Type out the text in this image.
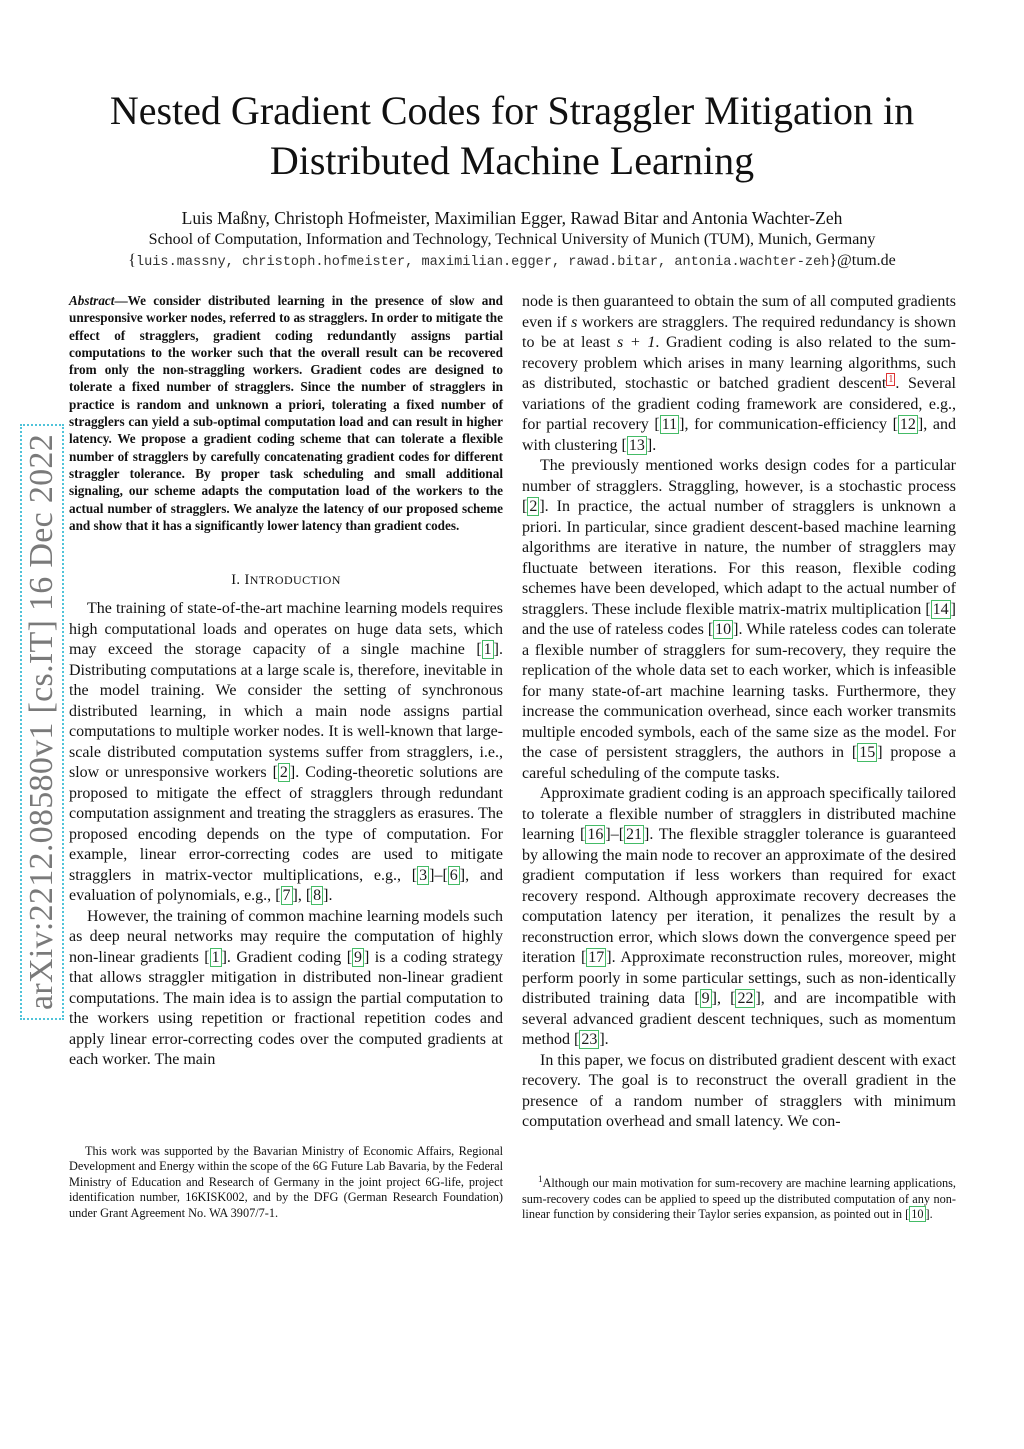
arXiv:2212.08580v1 [cs.IT] 16 Dec 2022
Nested Gradient Codes for Straggler Mitigation in Distributed Machine Learning
Luis Maßny, Christoph Hofmeister, Maximilian Egger, Rawad Bitar and Antonia Wachter-Zeh
School of Computation, Information and Technology, Technical University of Munich (TUM), Munich, Germany
{luis.massny, christoph.hofmeister, maximilian.egger, rawad.bitar, antonia.wachter-zeh}@tum.de

Abstract—We consider distributed learning in the presence of slow and unresponsive worker nodes, referred to as stragglers. In order to mitigate the effect of stragglers, gradient coding redundantly assigns partial computations to the worker such that the overall result can be recovered from only the non-straggling workers. Gradient codes are designed to tolerate a fixed number of stragglers. Since the number of stragglers in practice is random and unknown a priori, tolerating a fixed number of stragglers can yield a sub-optimal computation load and can result in higher latency. We propose a gradient coding scheme that can tolerate a flexible number of stragglers by carefully concatenating gradient codes for different straggler tolerance. By proper task scheduling and small additional signaling, our scheme adapts the computation load of the workers to the actual number of stragglers. We analyze the latency of our proposed scheme and show that it has a significantly lower latency than gradient codes.

I. INTRODUCTION

The training of state-of-the-art machine learning models requires high computational loads and operates on huge data sets, which may exceed the storage capacity of a single machine [ 1 ]. Distributing computations at a large scale is, therefore, inevitable in the model training. We consider the setting of synchronous distributed learning, in which a main node assigns partial computations to multiple worker nodes. It is well-known that large-scale distributed computation systems suffer from stragglers, i.e., slow or unresponsive workers [ 2 ]. Coding-theoretic solutions are proposed to mitigate the effect of stragglers through redundant computation assignment and treating the stragglers as erasures. The proposed encoding depends on the type of computation. For example, linear error-correcting codes are used to mitigate stragglers in matrix-vector multiplications, e.g., [ 3 ]–[ 6 ], and evaluation of polynomials, e.g., [ 7 ], [ 8 ].

However, the training of common machine learning models such as deep neural networks may require the computation of highly non-linear gradients [ 1 ]. Gradient coding [ 9 ] is a coding strategy that allows straggler mitigation in distributed non-linear gradient computations. The main idea is to assign the partial computation to the workers using repetition or fractional repetition codes and apply linear error-correcting codes over the computed gradients at each worker. The main

This work was supported by the Bavarian Ministry of Economic Affairs, Regional Development and Energy within the scope of the 6G Future Lab Bavaria, by the Federal Ministry of Education and Research of Germany in the joint project 6G-life, project identification number, 16KISK002, and by the DFG (German Research Foundation) under Grant Agreement No. WA 3907/7-1.

node is then guaranteed to obtain the sum of all computed gradients even if s workers are stragglers. The required redundancy is shown to be at least s + 1. Gradient coding is also related to the sum-recovery problem which arises in many learning algorithms, such as distributed, stochastic or batched gradient descent $^1$ . Several variations of the gradient coding framework are considered, e.g., for partial recovery [ 11 ], for communication-efficiency [ 12 ], and with clustering [ 13 ].

The previously mentioned works design codes for a particular number of stragglers. Straggling, however, is a stochastic process [ 2 ]. In practice, the actual number of stragglers is unknown a priori. In particular, since gradient descent-based machine learning algorithms are iterative in nature, the number of stragglers may fluctuate between iterations. For this reason, flexible coding schemes have been developed, which adapt to the actual number of stragglers. These include flexible matrix-matrix multiplication [ 14 ] and the use of rateless codes [ 10 ]. While rateless codes can tolerate a flexible number of stragglers for sum-recovery, they require the replication of the whole data set to each worker, which is infeasible for many state-of-art machine learning tasks. Furthermore, they increase the communication overhead, since each worker transmits multiple encoded symbols, each of the same size as the model. For the case of persistent stragglers, the authors in [ 15 ] propose a careful scheduling of the compute tasks.

Approximate gradient coding is an approach specifically tailored to tolerate a flexible number of stragglers in distributed machine learning [ 16 ]–[ 21 ]. The flexible straggler tolerance is guaranteed by allowing the main node to recover an approximate of the desired gradient computation if less workers than required for exact recovery respond. Although approximate recovery decreases the computation latency per iteration, it penalizes the result by a reconstruction error, which slows down the convergence speed per iteration [ 17 ]. Approximate reconstruction rules, moreover, might perform poorly in some particular settings, such as non-identically distributed training data [ 9 ], [ 22 ], and are incompatible with several advanced gradient descent techniques, such as momentum method [ 23 ].

In this paper, we focus on distributed gradient descent with exact recovery. The goal is to reconstruct the overall gradient in the presence of a random number of stragglers with minimum computation overhead and small latency. We con-

$^1$Although our main motivation for sum-recovery are machine learning applications, sum-recovery codes can be applied to speed up the distributed computation of any non-linear function by considering their Taylor series expansion, as pointed out in [ 10 ].
